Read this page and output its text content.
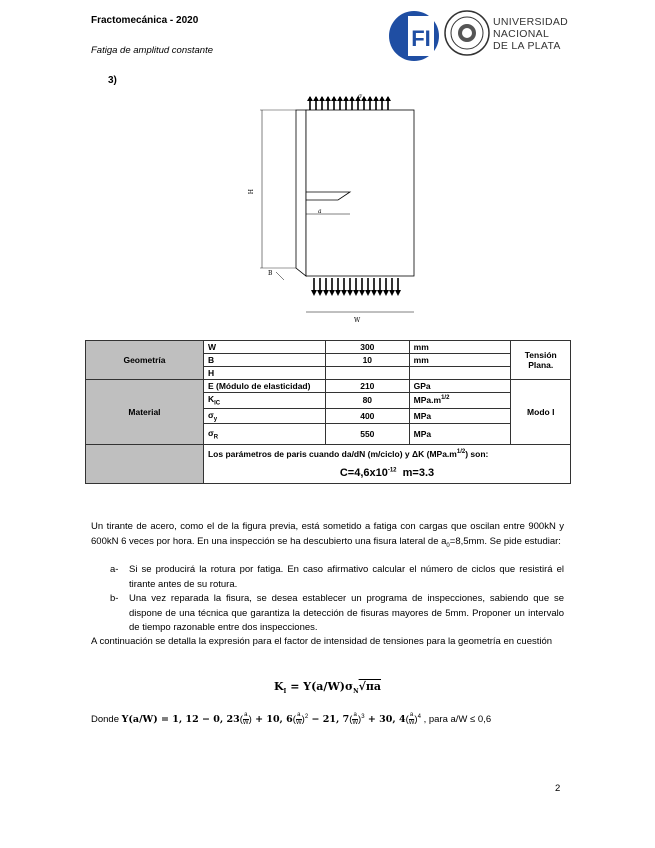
Fractomecánica - 2020
Fatiga de amplitud constante	FI
UNIVERSIDAD
NACIONAL
DE LA PLATA
3)
σ
a
H
B
W
Geometría	W	300	mm	Tensión Plana.
	B	10	mm	
	H			
Material	E (Módulo de elasticidad)	210	GPa	Modo I
	$K_{IC}$	80	$MPa.m^{1/2}$
	$\sigma_y$	400	MPa	
	$\sigma_R$	550	MPa	

	Los parámetros de paris cuando da/dN (m/ciclo) y ΔK $(MPa.m^{1/2})$ son:
$C=4,6x10^{-12}$ m=3.3			
Un tirante de acero, como el de la figura previa, está sometido a fatiga con cargas que oscilan entre 900kN y 600kN 6 veces por hora. En una inspección se ha descubierto una fisura lateral de $a_0=8,5mm$. Se pide estudiar:
a- Si se producirá la rotura por fatiga. En caso afirmativo calcular el número de ciclos que resistirá el tirante antes de su rotura.
b- Una vez reparada la fisura, se desea establecer un programa de inspecciones, sabiendo que se dispone de una técnica que garantiza la detección de fisuras mayores de 5mm. Proponer un intervalo de tiempo razonable entre dos inspecciones.
A continuación se detalla la expresión para el factor de intensidad de tensiones para la geometría en cuestión
$K_I = Y(a/W)\sigma_N√\pi a$
Donde Y(a/W) = 1, 12 − 0, $23( \frac{a}{W}) + 10$, $6( \frac{a}{W})^2 - 21$, $7( \frac{a}{W})^3 + 30$, $4( \frac{a}{W})^4$ , para a/W ≤ 0,6
2
